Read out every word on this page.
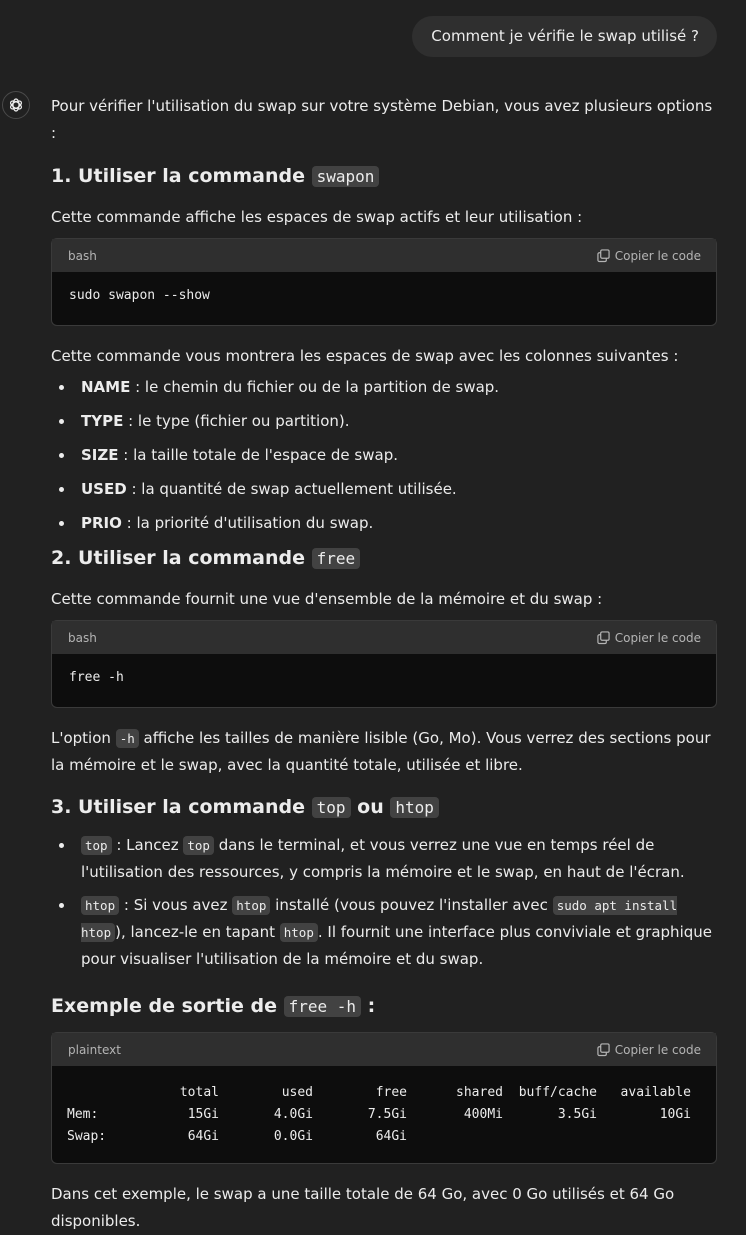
Comment je vérifie le swap utilisé ?
Pour vérifier l'utilisation du swap sur votre système Debian, vous avez plusieurs options :
1. Utiliser la commande swapon
Cette commande affiche les espaces de swap actifs et leur utilisation :
bash	Copier le code
sudo swapon --show
Cette commande vous montrera les espaces de swap avec les colonnes suivantes :
NAME : le chemin du fichier ou de la partition de swap.
TYPE : le type (fichier ou partition).
SIZE : la taille totale de l'espace de swap.
USED : la quantité de swap actuellement utilisée.
PRIO : la priorité d'utilisation du swap.
2. Utiliser la commande free
Cette commande fournit une vue d'ensemble de la mémoire et du swap :
bash	Copier le code
free -h
L'option -h affiche les tailles de manière lisible (Go, Mo). Vous verrez des sections pour la mémoire et le swap, avec la quantité totale, utilisée et libre.
3. Utiliser la commande top ou htop
top : Lancez top dans le terminal, et vous verrez une vue en temps réel de l'utilisation des ressources, y compris la mémoire et le swap, en haut de l'écran.
htop : Si vous avez htop installé (vous pouvez l'installer avec sudo apt install htop ), lancez-le en tapant htop . Il fournit une interface plus conviviale et graphique pour visualiser l'utilisation de la mémoire et du swap.
Exemple de sortie de free -h :
plaintext	Copier le code
	total	used	free	shared	buff/cache	available
Mem:	15Gi	4.0Gi	7.5Gi	400Mi	3.5Gi	10Gi
Swap:	64Gi	0.0Gi	64Gi			
Dans cet exemple, le swap a une taille totale de 64 Go, avec 0 Go utilisés et 64 Go disponibles.
